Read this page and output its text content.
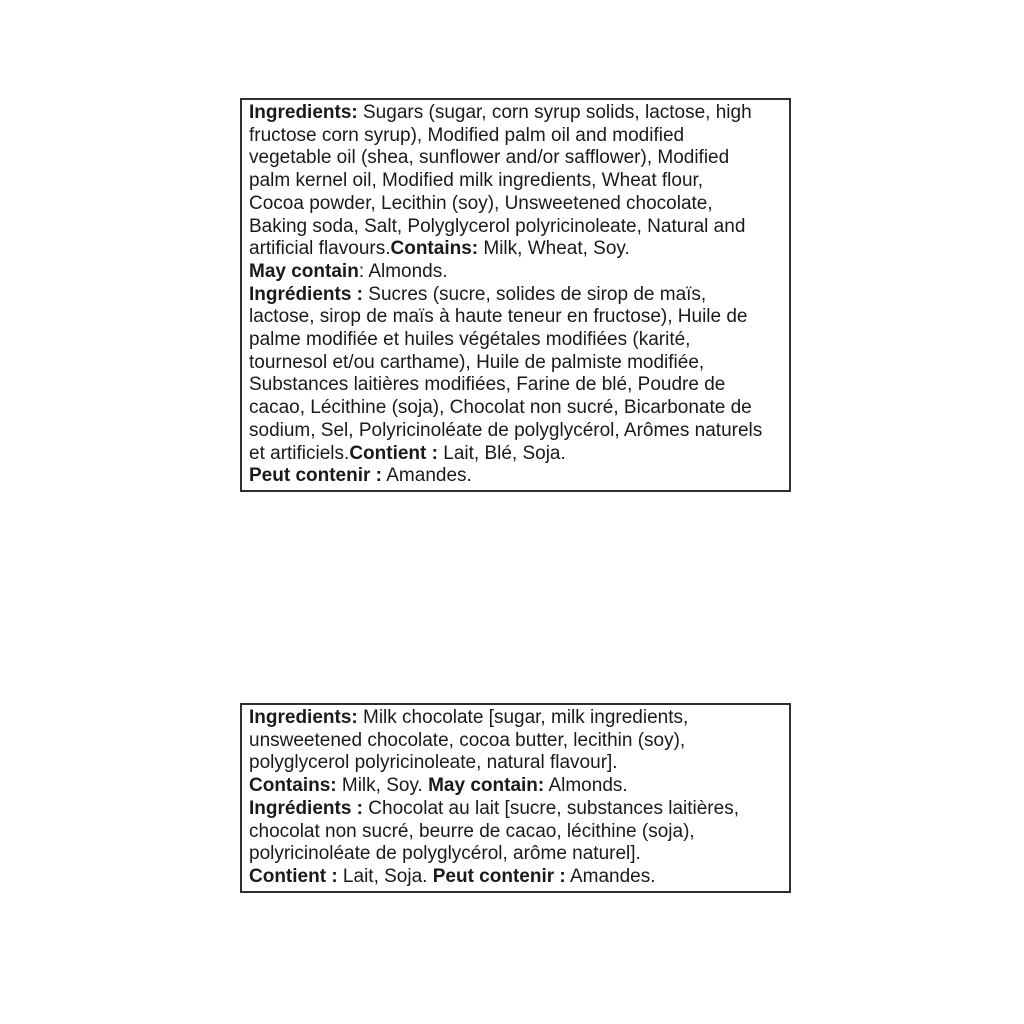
Ingredients: Sugars (sugar, corn syrup solids, lactose, high
fructose corn syrup), Modified palm oil and modified
vegetable oil (shea, sunflower and/or safflower), Modified
palm kernel oil, Modified milk ingredients, Wheat flour,
Cocoa powder, Lecithin (soy), Unsweetened chocolate,
Baking soda, Salt, Polyglycerol polyricinoleate, Natural and
artificial flavours.Contains: Milk, Wheat, Soy.
May contain: Almonds.
Ingrédients : Sucres (sucre, solides de sirop de maïs,
lactose, sirop de maïs à haute teneur en fructose), Huile de
palme modifiée et huiles végétales modifiées (karité,
tournesol et/ou carthame), Huile de palmiste modifiée,
Substances laitières modifiées, Farine de blé, Poudre de
cacao, Lécithine (soja), Chocolat non sucré, Bicarbonate de
sodium, Sel, Polyricinoléate de polyglycérol, Arômes naturels
et artificiels.Contient : Lait, Blé, Soja.
Peut contenir : Amandes.
Ingredients: Milk chocolate [sugar, milk ingredients,
unsweetened chocolate, cocoa butter, lecithin (soy),
polyglycerol polyricinoleate, natural flavour].
Contains: Milk, Soy. May contain: Almonds.
Ingrédients : Chocolat au lait [sucre, substances laitières,
chocolat non sucré, beurre de cacao, lécithine (soja),
polyricinoléate de polyglycérol, arôme naturel].
Contient : Lait, Soja. Peut contenir : Amandes.
